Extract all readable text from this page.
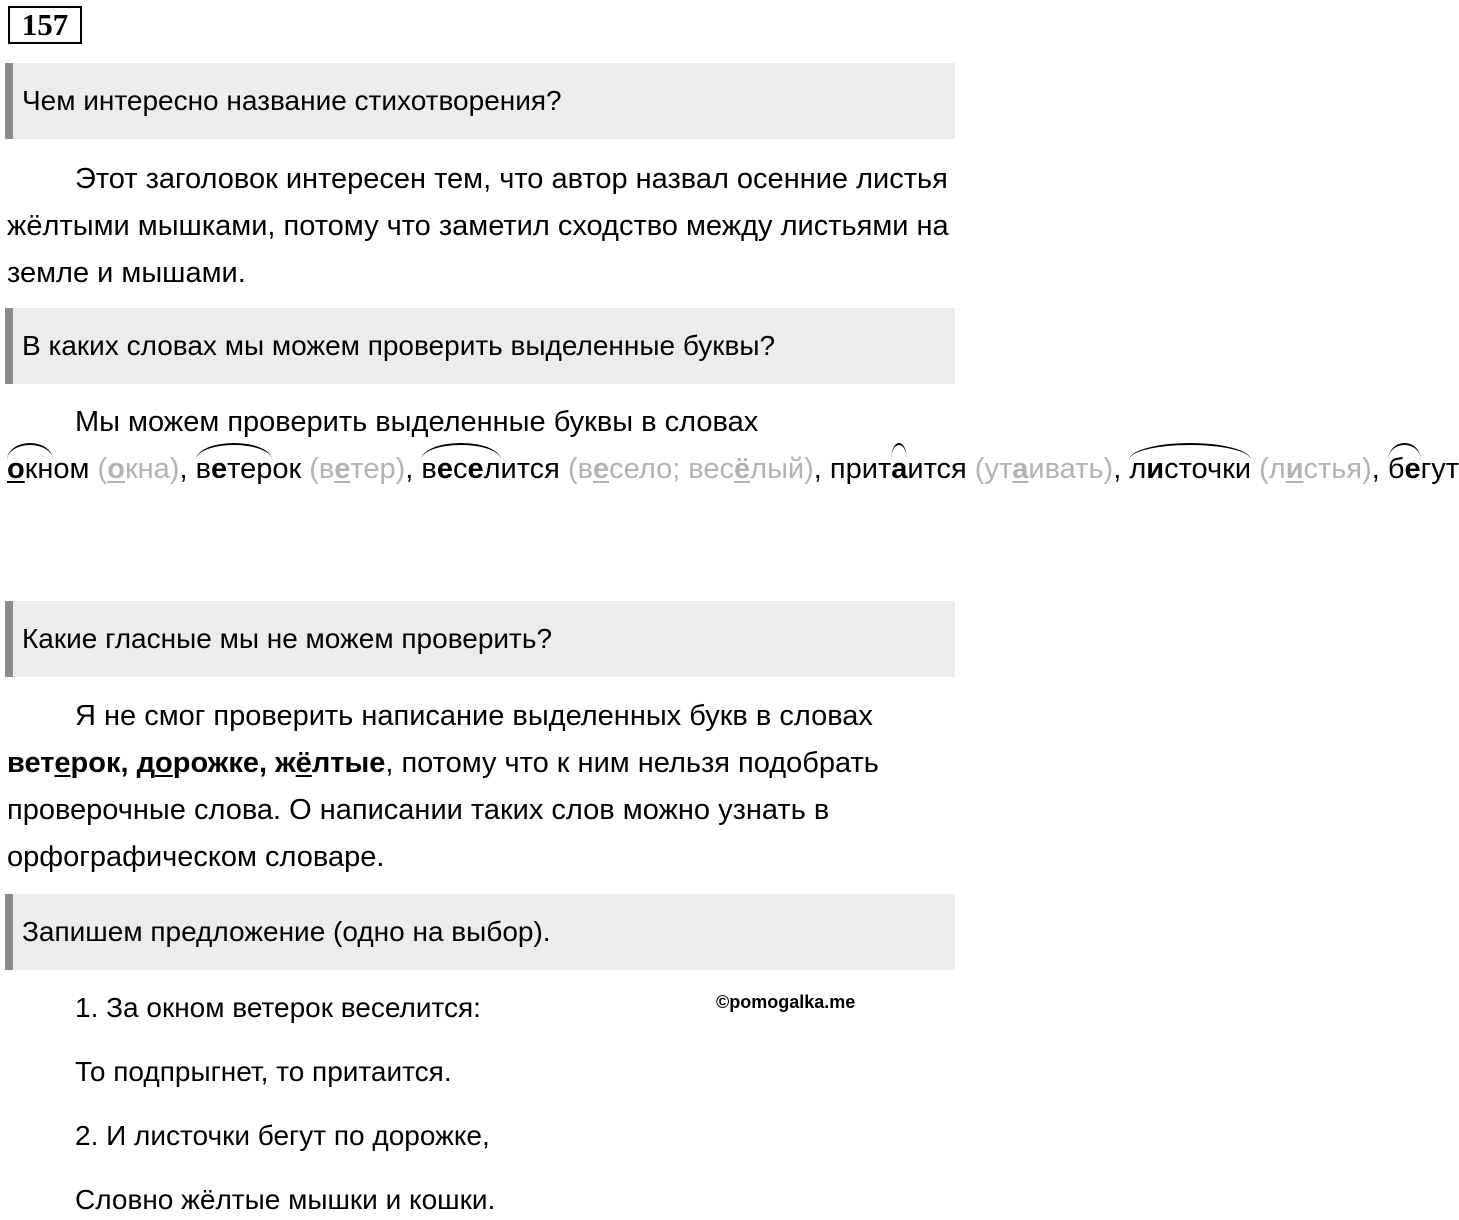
157
Чем интересно название стихотворения?
Этот заголовок интересен тем, что автор назвал осенние листья жёлтыми мышками, потому что заметил сходство между листьями на земле и мышами.
В каких словах мы можем проверить выделенные буквы?
Мы можем проверить выделенные буквы в словах
окном (окна), ветерок (ветер), веселится (весело; весёлый), притаится (утаивать), листочки (листья), бегут
Какие гласные мы не можем проверить?
Я не смог проверить написание выделенных букв в словах ветерок, дорожке, жёлтые, потому что к ним нельзя подобрать проверочные слова. О написании таких слов можно узнать в орфографическом словаре.
Запишем предложение (одно на выбор).
1. За окном ветерок веселится:
То подпрыгнет, то притаится.
2. И листочки бегут по дорожке,
Словно жёлтые мышки и кошки.
©pomogalka.me
